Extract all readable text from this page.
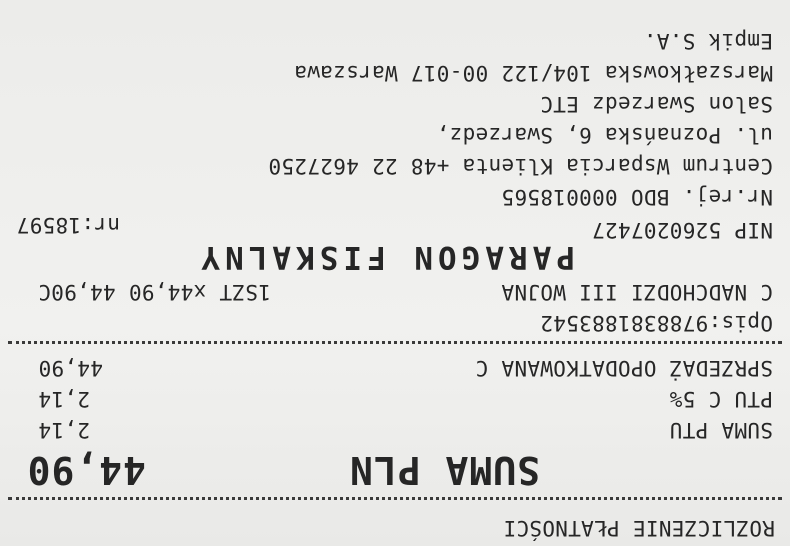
ROZLICZENIE PŁATNOŚCI
SUMA PLN
44,90
SUMA PTU
2,14
PTU C 5%
2,14
SPRZEDAŻ OPODATKOWANA C
44,90
Opis:9788381883542
C NADCHODZI III WOJNA
1SZT x44,90 44,90C
PARAGON FISKALNY
NIP 5260207427
nr:18597
Nr.rej. BDO 000018565
Centrum Wsparcia Klienta +48 22 4627250
ul. Poznańska 6, Swarzedz,
Salon Swarzedz ETC
Marszałkowska 104/122 00-017 Warszawa
Empik S.A.
